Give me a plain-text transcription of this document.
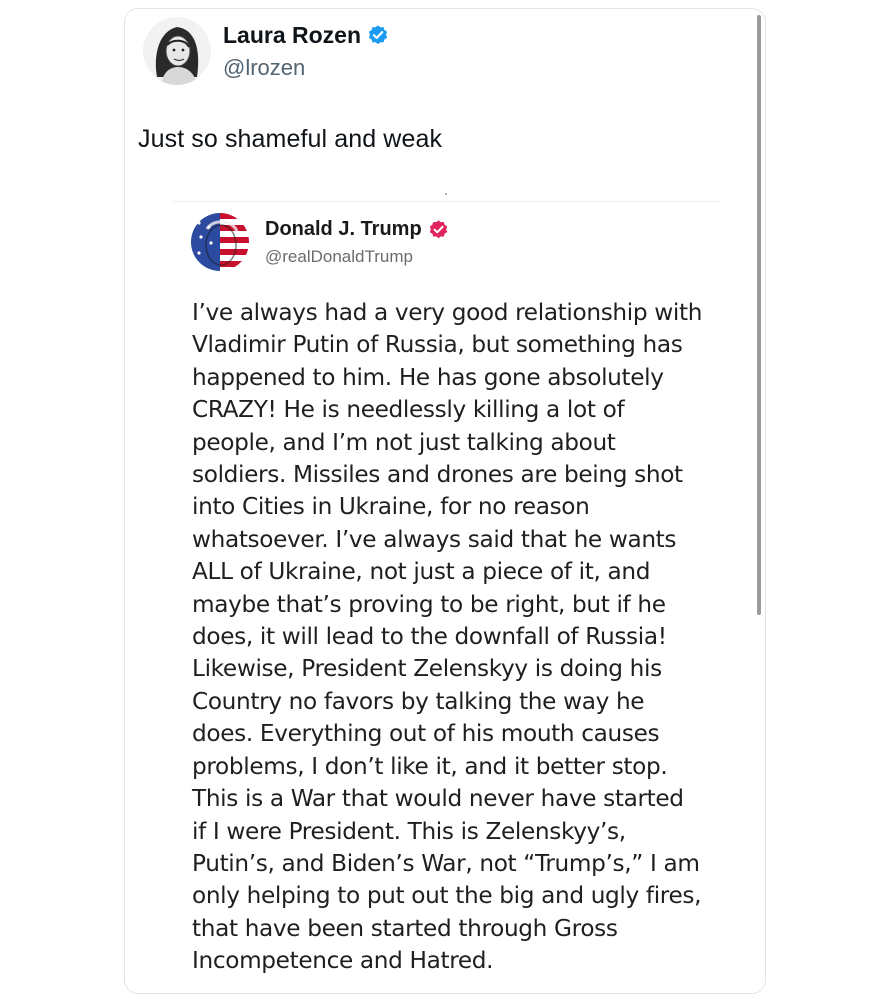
Laura Rozen
@lrozen
Just so shameful and weak
Donald J. Trump
@realDonaldTrump

I’ve always had a very good relationship with
Vladimir Putin of Russia, but something has
happened to him. He has gone absolutely
CRAZY! He is needlessly killing a lot of
people, and I’m not just talking about
soldiers. Missiles and drones are being shot
into Cities in Ukraine, for no reason
whatsoever. I’ve always said that he wants
ALL of Ukraine, not just a piece of it, and
maybe that’s proving to be right, but if he
does, it will lead to the downfall of Russia!
Likewise, President Zelenskyy is doing his
Country no favors by talking the way he
does. Everything out of his mouth causes
problems, I don’t like it, and it better stop.
This is a War that would never have started
if I were President. This is Zelenskyy’s,
Putin’s, and Biden’s War, not “Trump’s,” I am
only helping to put out the big and ugly fires,
that have been started through Gross
Incompetence and Hatred.
